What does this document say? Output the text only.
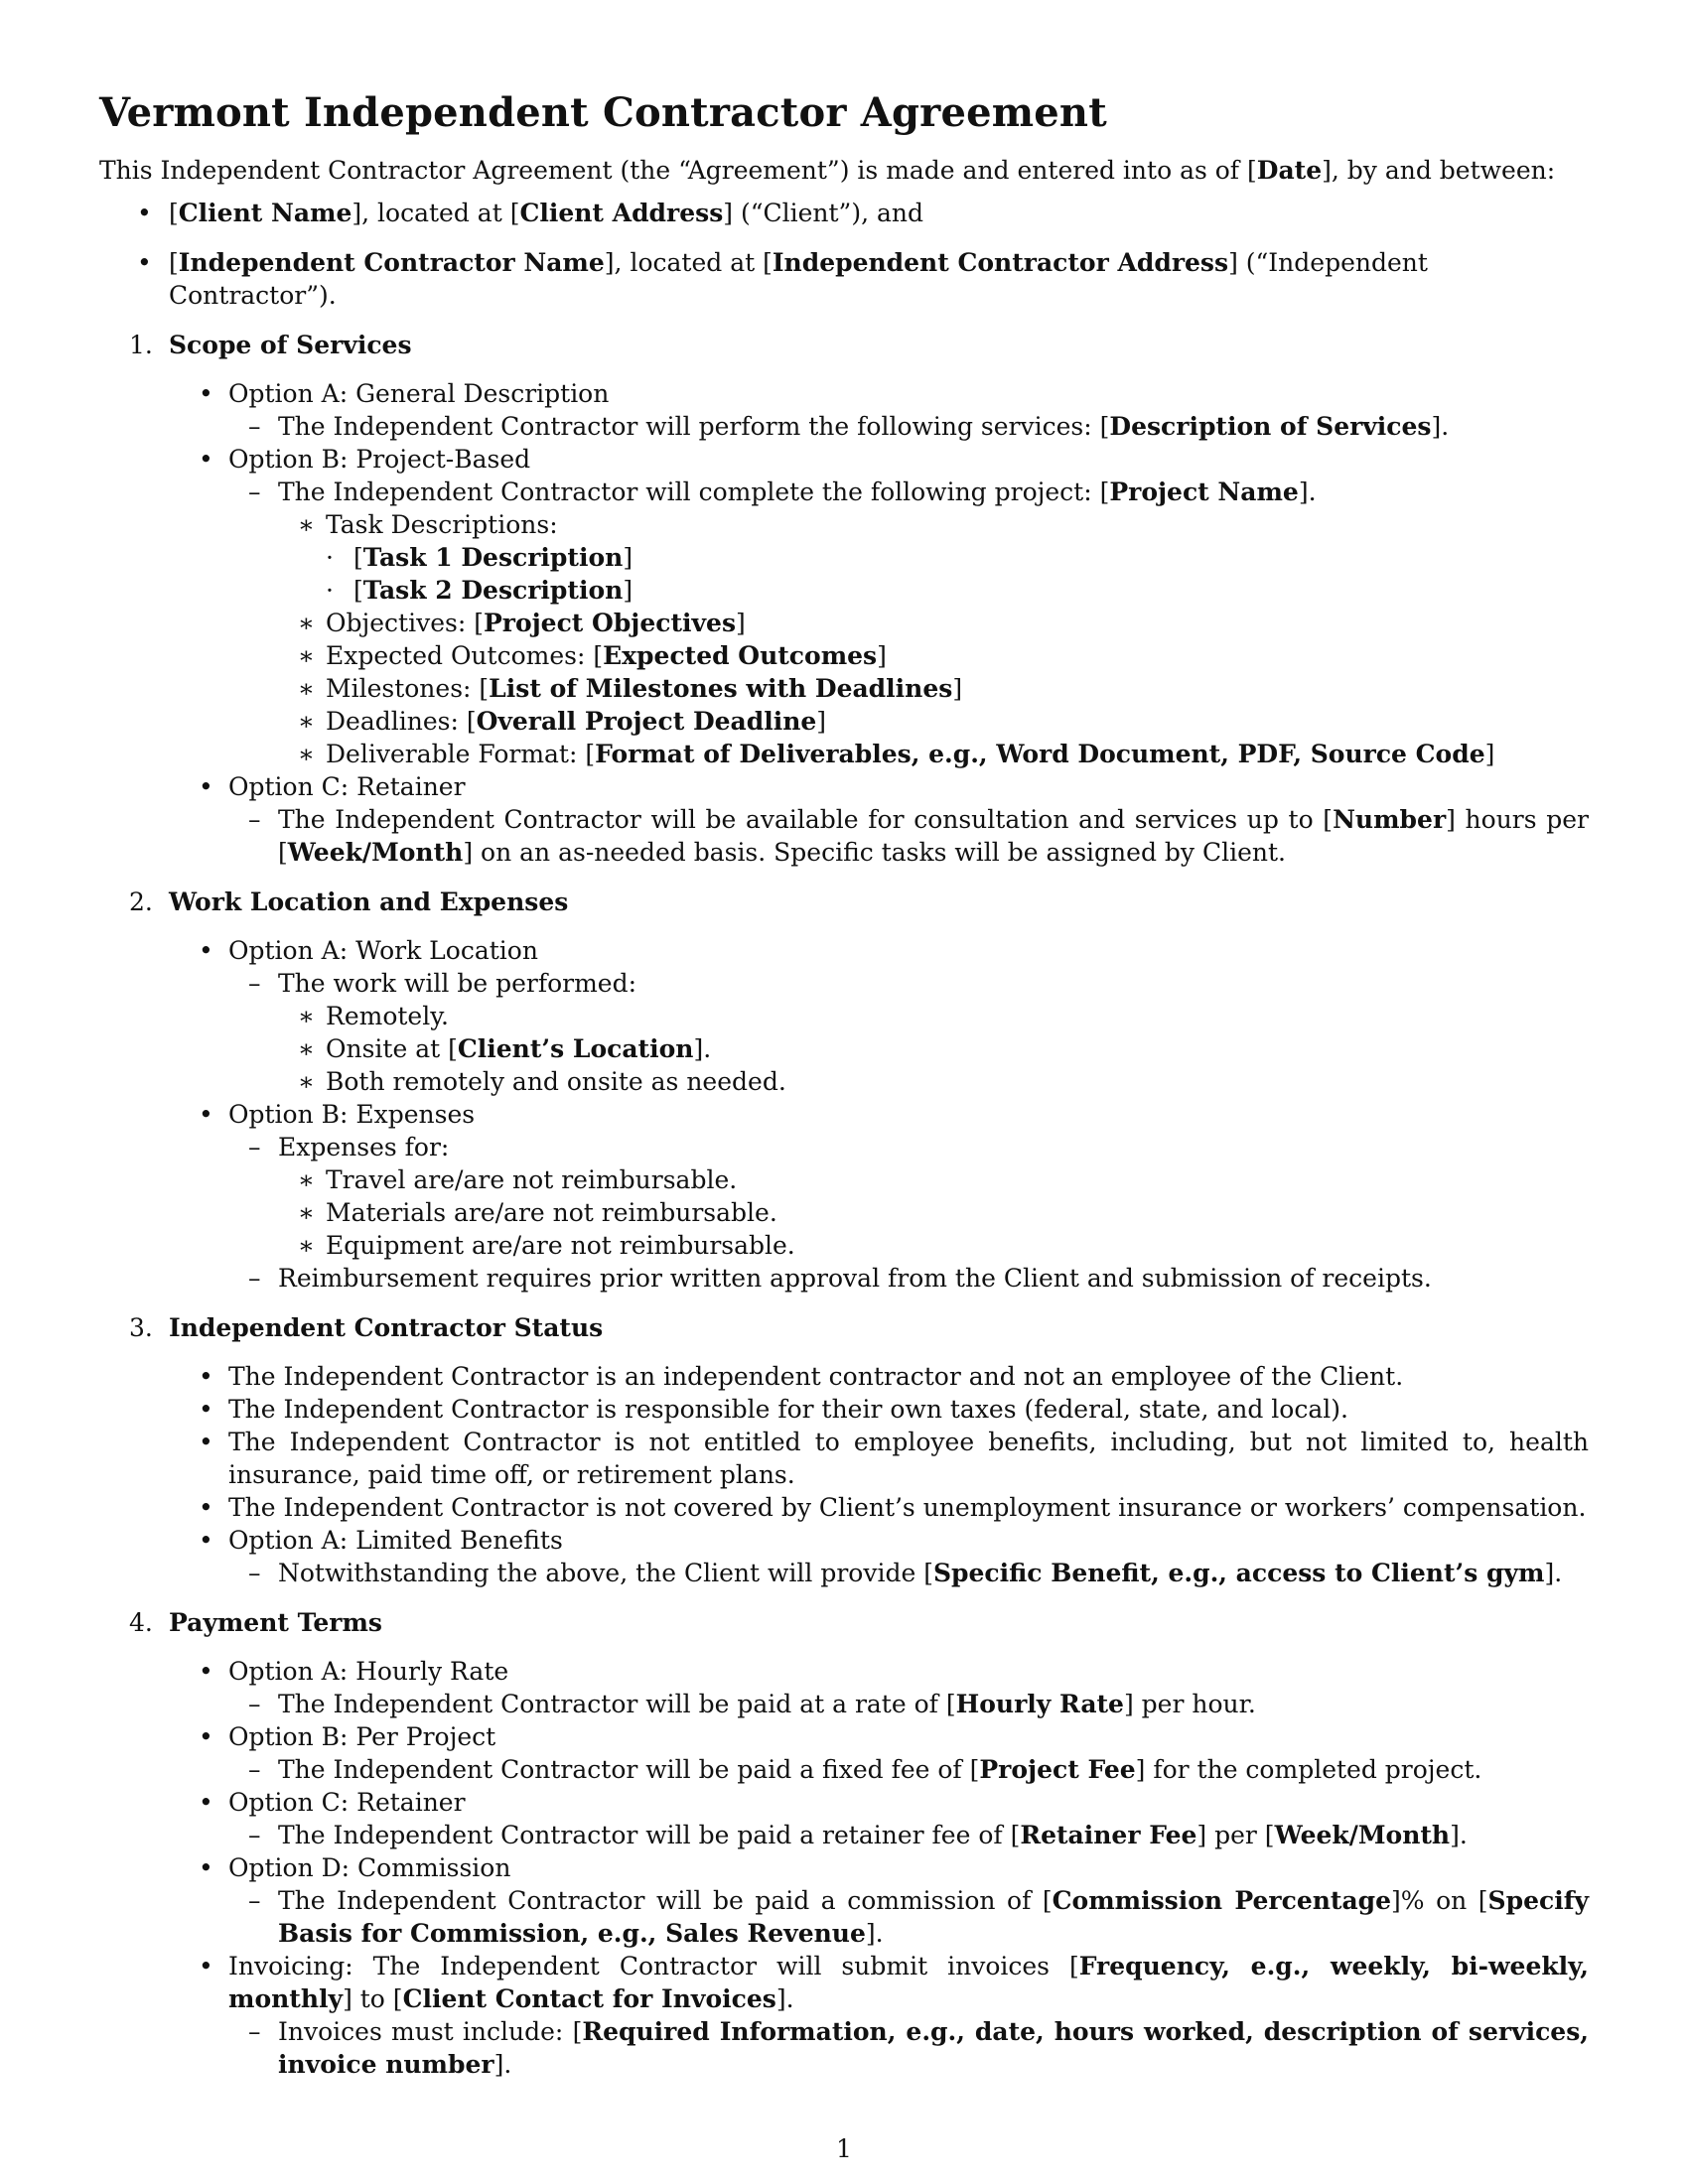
Vermont Independent Contractor Agreement

This Independent Contractor Agreement (the “Agreement”) is made and entered into as of [Date], by and between:

• [Client Name], located at [Client Address] (“Client”), and
• [Independent Contractor Name], located at [Independent Contractor Address] (“Independent Contractor”).
1. Scope of Services
• Option A: General Description
– The Independent Contractor will perform the following services: [Description of Services].
• Option B: Project-Based
– The Independent Contractor will complete the following project: [Project Name].
∗ Task Descriptions:
· [Task 1 Description]
· [Task 2 Description]
∗ Objectives: [Project Objectives]
∗ Expected Outcomes: [Expected Outcomes]
∗ Milestones: [List of Milestones with Deadlines]
∗ Deadlines: [Overall Project Deadline]
∗ Deliverable Format: [Format of Deliverables, e.g., Word Document, PDF, Source Code]
• Option C: Retainer
– The Independent Contractor will be available for consultation and services up to [Number] hours per [Week/Month] on an as-needed basis. Specific tasks will be assigned by Client.
2. Work Location and Expenses
• Option A: Work Location
– The work will be performed:
∗ Remotely.
∗ Onsite at [Client’s Location].
∗ Both remotely and onsite as needed.
• Option B: Expenses
– Expenses for:
∗ Travel are/are not reimbursable.
∗ Materials are/are not reimbursable.
∗ Equipment are/are not reimbursable.
– Reimbursement requires prior written approval from the Client and submission of receipts.
3. Independent Contractor Status
• The Independent Contractor is an independent contractor and not an employee of the Client.
• The Independent Contractor is responsible for their own taxes (federal, state, and local).
• The Independent Contractor is not entitled to employee benefits, including, but not limited to, health insurance, paid time off, or retirement plans.
• The Independent Contractor is not covered by Client’s unemployment insurance or workers’ compensation.
• Option A: Limited Benefits
– Notwithstanding the above, the Client will provide [Specific Benefit, e.g., access to Client’s gym].
4. Payment Terms
• Option A: Hourly Rate
– The Independent Contractor will be paid at a rate of [Hourly Rate] per hour.
• Option B: Per Project
– The Independent Contractor will be paid a fixed fee of [Project Fee] for the completed project.
• Option C: Retainer
– The Independent Contractor will be paid a retainer fee of [Retainer Fee] per [Week/Month].
• Option D: Commission
– The Independent Contractor will be paid a commission of [Commission Percentage]% on [Specify Basis for Commission, e.g., Sales Revenue].
• Invoicing: The Independent Contractor will submit invoices [Frequency, e.g., weekly, bi-weekly, monthly] to [Client Contact for Invoices].
– Invoices must include: [Required Information, e.g., date, hours worked, description of services, invoice number].
1
